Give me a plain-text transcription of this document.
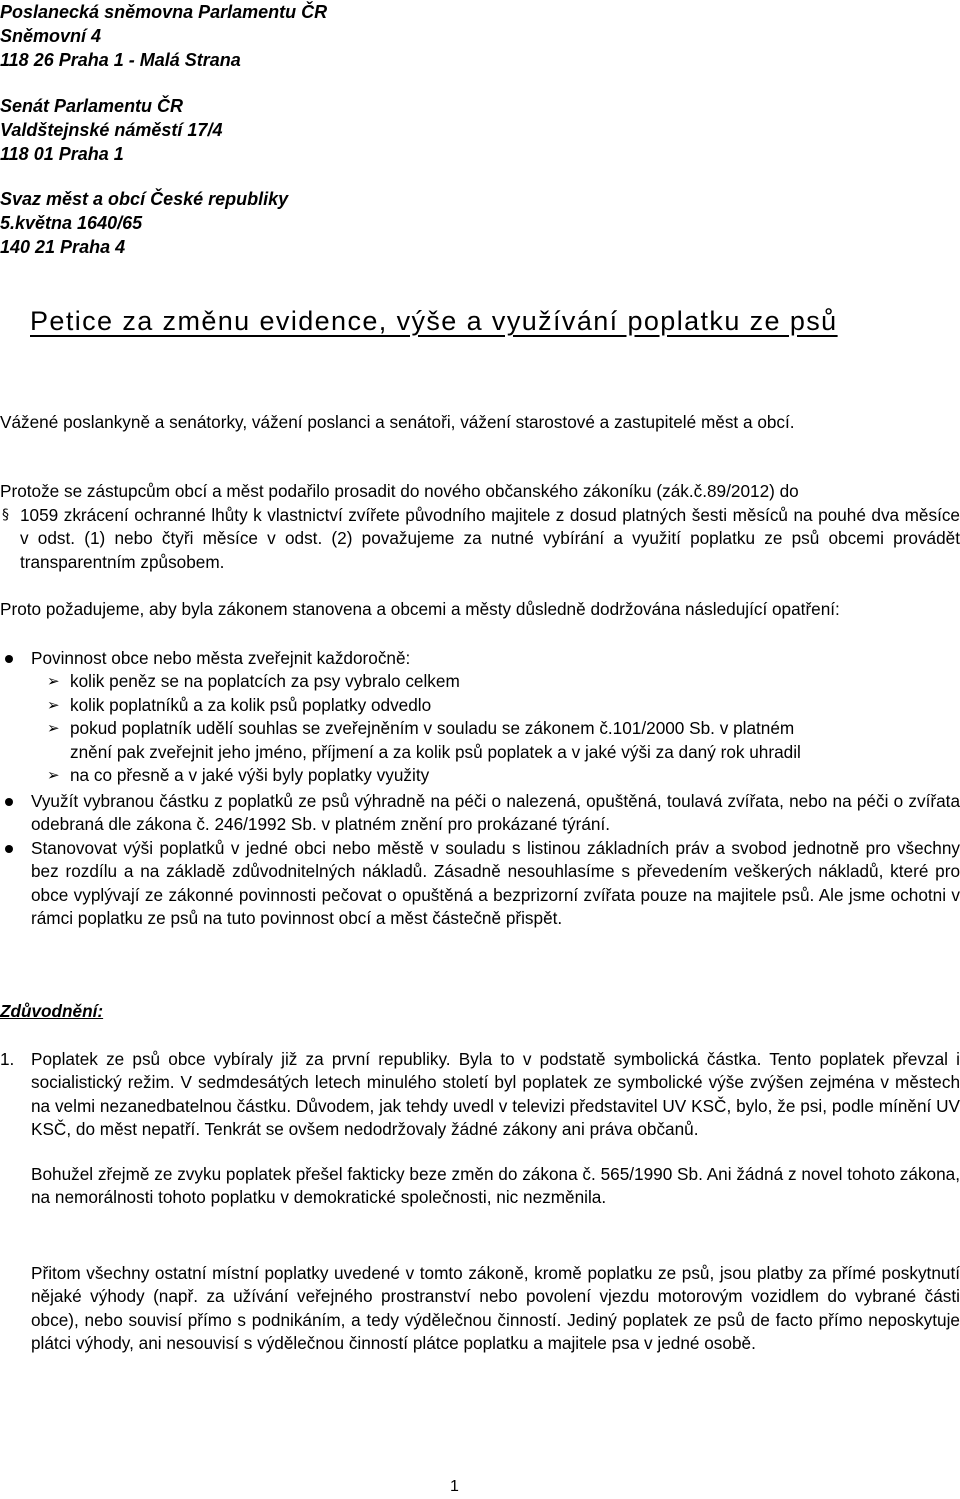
Poslanecká sněmovna Parlamentu ČR
Sněmovní 4
118 26 Praha 1 - Malá Strana
Senát Parlamentu ČR
Valdštejnské náměstí 17/4
118 01 Praha 1
Svaz měst a obcí České republiky
5.května 1640/65
140 21 Praha 4
Petice za změnu evidence, výše a využívání poplatku ze psů
Vážené poslankyně a senátorky, vážení poslanci a senátoři, vážení starostové a zastupitelé měst a obcí.
Protože se zástupcům obcí a měst podařilo prosadit do nového občanského zákoníku (zák.č.89/2012) do
§ 1059 zkrácení ochranné lhůty k vlastnictví zvířete původního majitele z dosud platných šesti měsíců na pouhé dva měsíce v odst. (1) nebo čtyři měsíce v odst. (2) považujeme za nutné vybírání a využití poplatku ze psů obcemi provádět transparentním způsobem.
Proto požadujeme, aby byla zákonem stanovena a obcemi a městy důsledně dodržována následující opatření:
Povinnost obce nebo města zveřejnit každoročně:
➢ kolik peněz se na poplatcích za psy vybralo celkem
➢ kolik poplatníků a za kolik psů poplatky odvedlo
➢ pokud poplatník udělí souhlas se zveřejněním v souladu se zákonem č.101/2000 Sb. v platném
znění pak zveřejnit jeho jméno, příjmení a za kolik psů poplatek a v jaké výši za daný rok uhradil
➢ na co přesně a v jaké výši byly poplatky využity
Využít vybranou částku z poplatků ze psů výhradně na péči o nalezená, opuštěná, toulavá zvířata, nebo na péči o zvířata odebraná dle zákona č. 246/1992 Sb. v platném znění pro prokázané týrání.
Stanovovat výši poplatků v jedné obci nebo městě v souladu s listinou základních práv a svobod jednotně pro všechny bez rozdílu a na základě zdůvodnitelných nákladů. Zásadně nesouhlasíme s převedením veškerých nákladů, které pro obce vyplývají ze zákonné povinnosti pečovat o opuštěná a bezprizorní zvířata pouze na majitele psů. Ale jsme ochotni v rámci poplatku ze psů na tuto povinnost obcí a měst částečně přispět.
Zdůvodnění:
1. Poplatek ze psů obce vybíraly již za první republiky. Byla to v podstatě symbolická částka. Tento poplatek převzal i socialistický režim. V sedmdesátých letech minulého století byl poplatek ze symbolické výše zvýšen zejména v městech na velmi nezanedbatelnou částku. Důvodem, jak tehdy uvedl v televizi představitel UV KSČ, bylo, že psi, podle mínění UV KSČ, do měst nepatří. Tenkrát se ovšem nedodržovaly žádné zákony ani práva občanů.
Bohužel zřejmě ze zvyku poplatek přešel fakticky beze změn do zákona č. 565/1990 Sb. Ani žádná z novel tohoto zákona, na nemorálnosti tohoto poplatku v demokratické společnosti, nic nezměnila.
Přitom všechny ostatní místní poplatky uvedené v tomto zákoně, kromě poplatku ze psů, jsou platby za přímé poskytnutí nějaké výhody (např. za užívání veřejného prostranství nebo povolení vjezdu motorovým vozidlem do vybrané části obce), nebo souvisí přímo s podnikáním, a tedy výdělečnou činností. Jediný poplatek ze psů de facto přímo neposkytuje plátci výhody, ani nesouvisí s výdělečnou činností plátce poplatku a majitele psa v jedné osobě.
1
